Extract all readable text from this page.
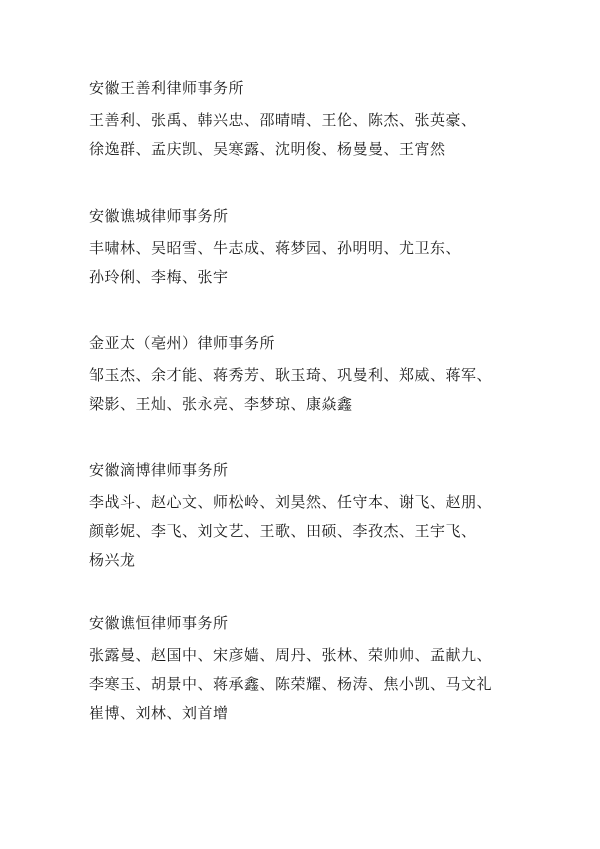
安徽王善利律师事务所
王善利、张禹、韩兴忠、邵晴晴、王伦、陈杰、张英豪、
徐逸群、孟庆凯、吴寒露、沈明俊、杨曼曼、王宵然
安徽谯城律师事务所
丰啸林、吴昭雪、牛志成、蒋梦园、孙明明、尤卫东、
孙玲俐、李梅、张宇
金亚太（亳州）律师事务所
邹玉杰、余才能、蒋秀芳、耿玉琦、巩曼利、郑威、蒋军、
梁影、王灿、张永亮、李梦琼、康焱鑫
安徽滴博律师事务所
李战斗、赵心文、师松岭、刘昊然、任守本、谢飞、赵朋、
颜彰妮、李飞、刘文艺、王歌、田硕、李孜杰、王宇飞、
杨兴龙
安徽谯恒律师事务所
张露曼、赵国中、宋彦嫱、周丹、张林、荣帅帅、孟献九、
李寒玉、胡景中、蒋承鑫、陈荣耀、杨涛、焦小凯、马文礼
崔博、刘林、刘首增
